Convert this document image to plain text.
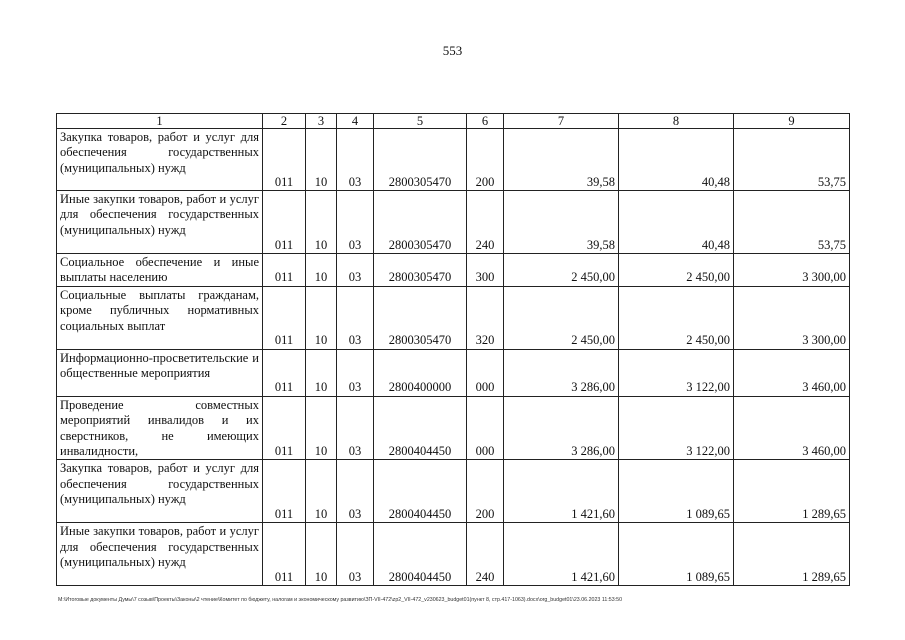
553
1	2	3	4	5	6	7	8	9
Закупка товаров, работ и услуг для обеспечения государственных (муниципальных) нужд	011	10	03	2800305470	200	39,58	40,48	53,75
Иные закупки товаров, работ и услуг для обеспечения государственных (муниципальных) нужд	011	10	03	2800305470	240	39,58	40,48	53,75
Социальное обеспечение и иные выплаты населению	011	10	03	2800305470	300	2 450,00	2 450,00	3 300,00
Социальные выплаты гражданам, кроме публичных нормативных социальных выплат	011	10	03	2800305470	320	2 450,00	2 450,00	3 300,00
Информационно-просветительские и общественные мероприятия	011	10	03	2800400000	000	3 286,00	3 122,00	3 460,00
Проведение совместных мероприятий инвалидов и их сверстников, не имеющих инвалидности,	011	10	03	2800404450	000	3 286,00	3 122,00	3 460,00
Закупка товаров, работ и услуг для обеспечения государственных (муниципальных) нужд	011	10	03	2800404450	200	1 421,60	1 089,65	1 289,65
Иные закупки товаров, работ и услуг для обеспечения государственных (муниципальных) нужд	011	10	03	2800404450	240	1 421,60	1 089,65	1 289,65
M:\Итоговые документы Думы\7 созыв\Проекты\Законы\2 чтение\Комитет по бюджету, налогам и экономическому развитию\ЗП-VII-472\zp2_VII-472_v230623_budget01(пункт 8, стр.417-1063).docx\org_budget01\23.06.2023 11:53:50
